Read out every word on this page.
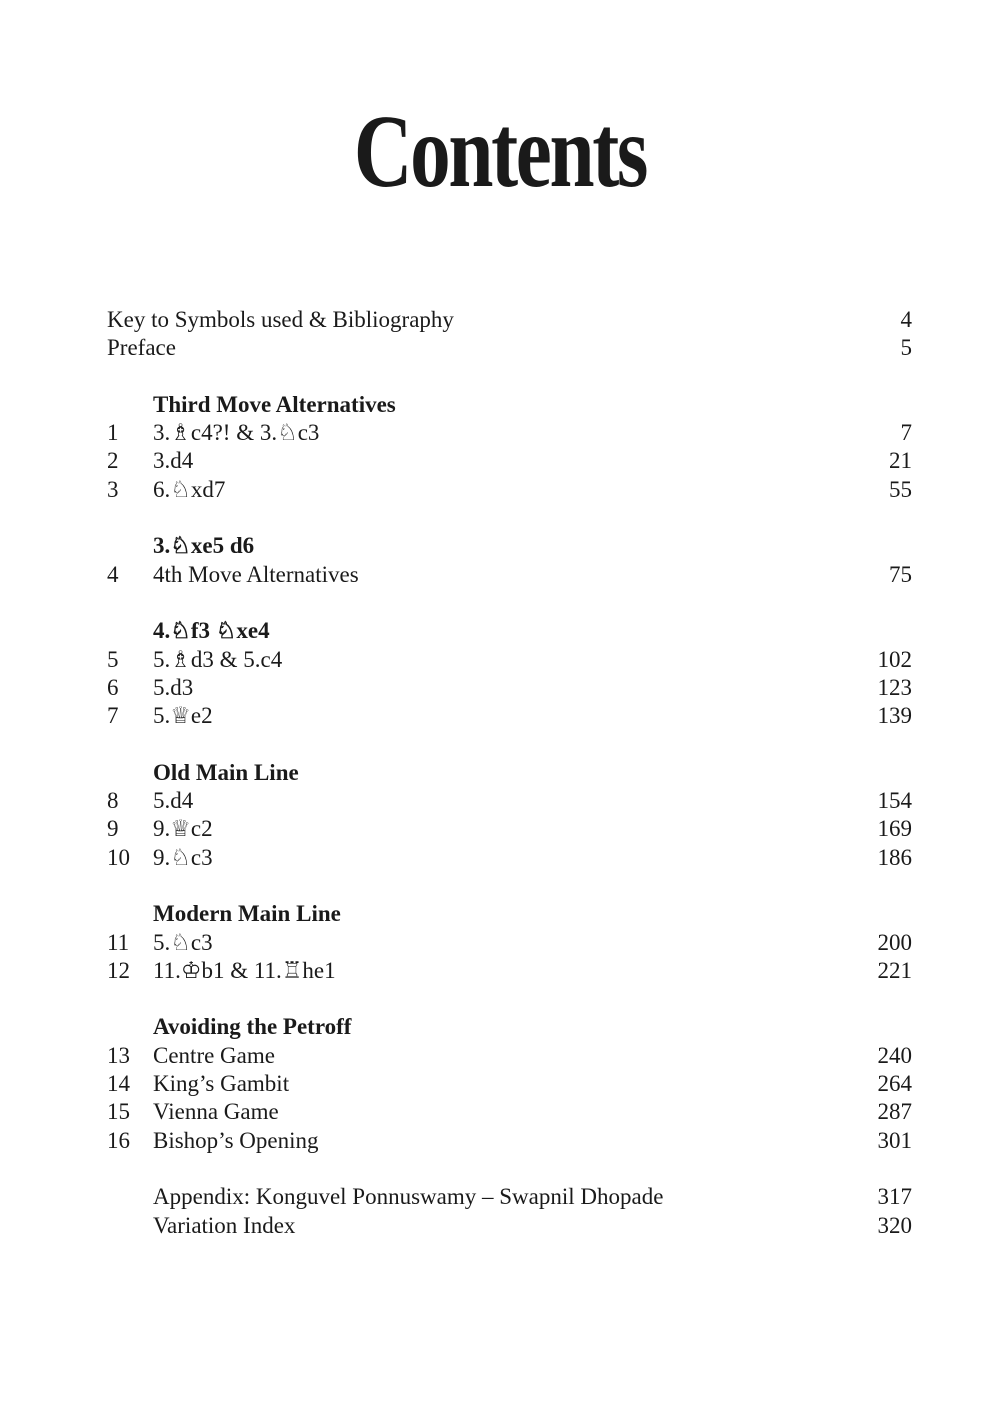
Contents
Key to Symbols used & Bibliography	4
Preface	5
Third Move Alternatives
1	3.♗c4?! & 3.♘c3	7
2	3.d4	21
3	6.♘xd7	55
3.♘xe5 d6
4	4th Move Alternatives	75
4.♘f3 ♘xe4
5	5.♗d3 & 5.c4	102
6	5.d3	123
7	5.♕e2	139
Old Main Line
8	5.d4	154
9	9.♕c2	169
10	9.♘c3	186
Modern Main Line
11	5.♘c3	200
12	11.♔b1 & 11.♖he1	221
Avoiding the Petroff
13	Centre Game	240
14	King’s Gambit	264
15	Vienna Game	287
16	Bishop’s Opening	301
Appendix: Konguvel Ponnuswamy – Swapnil Dhopade	317
Variation Index	320
